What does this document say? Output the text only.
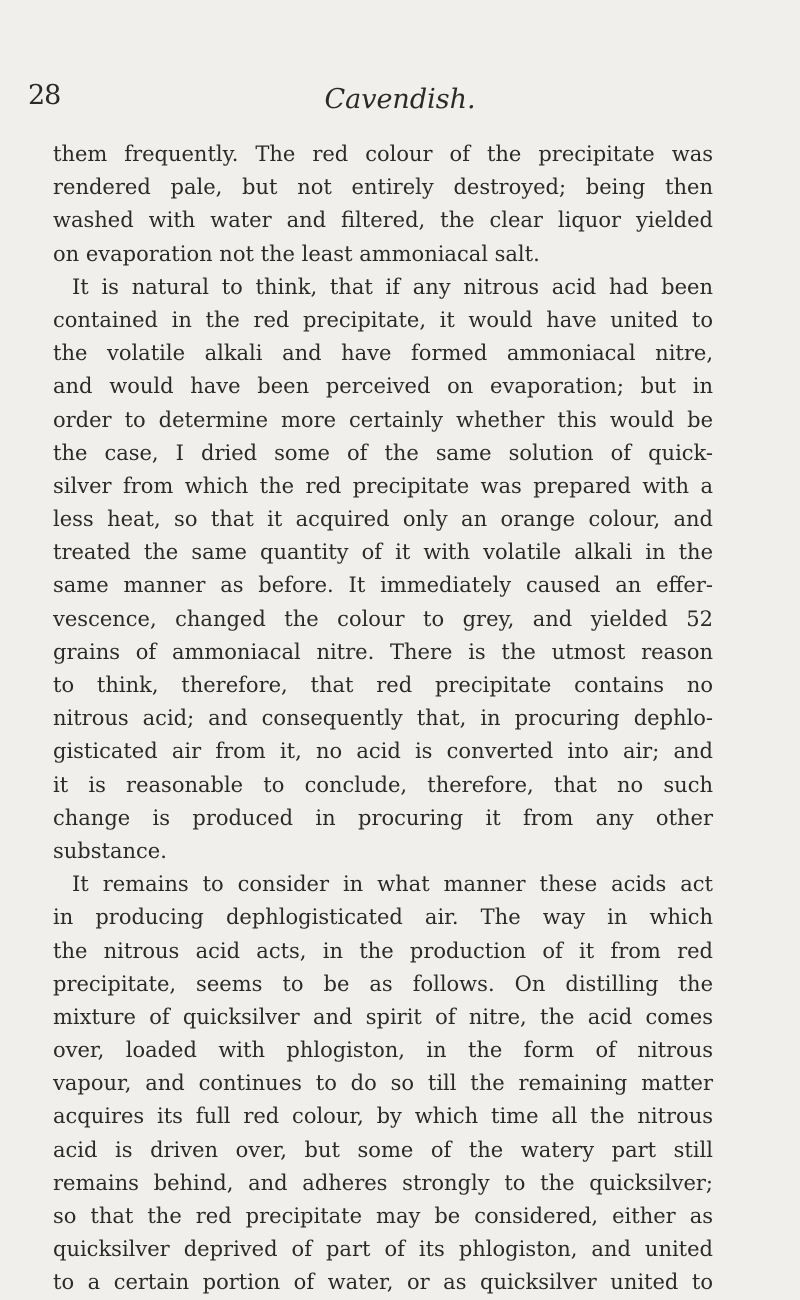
28	Cavendish.
them frequently. The red colour of the precipitate was
rendered pale, but not entirely destroyed; being then
washed with water and filtered, the clear liquor yielded
on evaporation not the least ammoniacal salt.
It is natural to think, that if any nitrous acid had been
contained in the red precipitate, it would have united to
the volatile alkali and have formed ammoniacal nitre,
and would have been perceived on evaporation; but in
order to determine more certainly whether this would be
the case, I dried some of the same solution of quick-
silver from which the red precipitate was prepared with a
less heat, so that it acquired only an orange colour, and
treated the same quantity of it with volatile alkali in the
same manner as before. It immediately caused an effer-
vescence, changed the colour to grey, and yielded 52
grains of ammoniacal nitre. There is the utmost reason
to think, therefore, that red precipitate contains no
nitrous acid; and consequently that, in procuring dephlo-
gisticated air from it, no acid is converted into air; and
it is reasonable to conclude, therefore, that no such
change is produced in procuring it from any other
substance.
It remains to consider in what manner these acids act
in producing dephlogisticated air. The way in which
the nitrous acid acts, in the production of it from red
precipitate, seems to be as follows. On distilling the
mixture of quicksilver and spirit of nitre, the acid comes
over, loaded with phlogiston, in the form of nitrous
vapour, and continues to do so till the remaining matter
acquires its full red colour, by which time all the nitrous
acid is driven over, but some of the watery part still
remains behind, and adheres strongly to the quicksilver;
so that the red precipitate may be considered, either as
quicksilver deprived of part of its phlogiston, and united
to a certain portion of water, or as quicksilver united to
